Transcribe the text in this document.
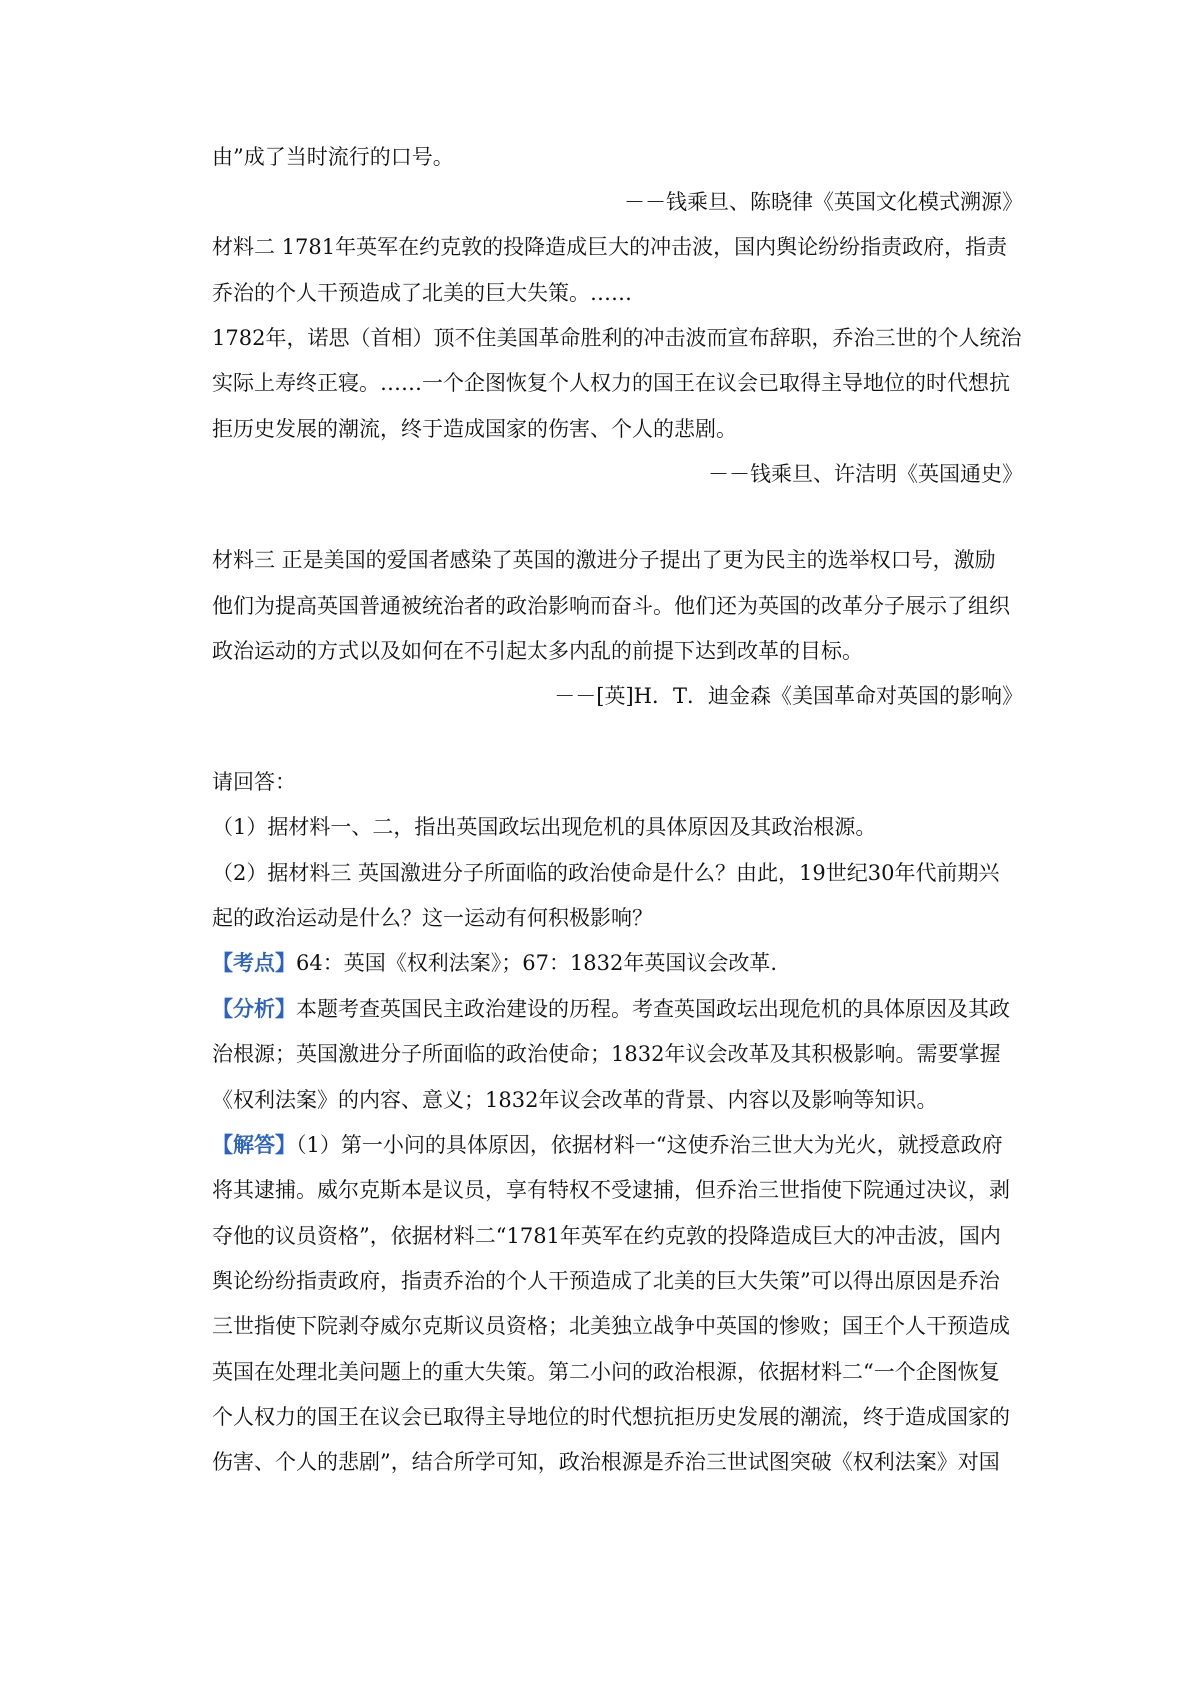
由”成了当时流行的口号。
－－钱乘旦、陈晓律《英国文化模式溯源》
材料二 1781年英军在约克敦的投降造成巨大的冲击波，国内舆论纷纷指责政府，指责
乔治的个人干预造成了北美的巨大失策。……
1782年，诺思（首相）顶不住美国革命胜利的冲击波而宣布辞职，乔治三世的个人统治
实际上寿终正寝。……一个企图恢复个人权力的国王在议会已取得主导地位的时代想抗
拒历史发展的潮流，终于造成国家的伤害、个人的悲剧。
－－钱乘旦、许洁明《英国通史》
材料三 正是美国的爱国者感染了英国的激进分子提出了更为民主的选举权口号，激励
他们为提高英国普通被统治者的政治影响而奋斗。他们还为英国的改革分子展示了组织
政治运动的方式以及如何在不引起太多内乱的前提下达到改革的目标。
－－[英]H．T．迪金森《美国革命对英国的影响》
请回答：
（1）据材料一、二，指出英国政坛出现危机的具体原因及其政治根源。
（2）据材料三 英国激进分子所面临的政治使命是什么？由此，19世纪30年代前期兴
起的政治运动是什么？这一运动有何积极影响？
【考点】64：英国《权利法案》；67：1832年英国议会改革.
【分析】本题考查英国民主政治建设的历程。考查英国政坛出现危机的具体原因及其政
治根源；英国激进分子所面临的政治使命；1832年议会改革及其积极影响。需要掌握
《权利法案》的内容、意义；1832年议会改革的背景、内容以及影响等知识。
【解答】（1）第一小问的具体原因，依据材料一“这使乔治三世大为光火，就授意政府
将其逮捕。威尔克斯本是议员，享有特权不受逮捕，但乔治三世指使下院通过决议，剥
夺他的议员资格”，依据材料二“1781年英军在约克敦的投降造成巨大的冲击波，国内
舆论纷纷指责政府，指责乔治的个人干预造成了北美的巨大失策”可以得出原因是乔治
三世指使下院剥夺威尔克斯议员资格；北美独立战争中英国的惨败；国王个人干预造成
英国在处理北美问题上的重大失策。第二小问的政治根源，依据材料二“一个企图恢复
个人权力的国王在议会已取得主导地位的时代想抗拒历史发展的潮流，终于造成国家的
伤害、个人的悲剧”，结合所学可知，政治根源是乔治三世试图突破《权利法案》对国
